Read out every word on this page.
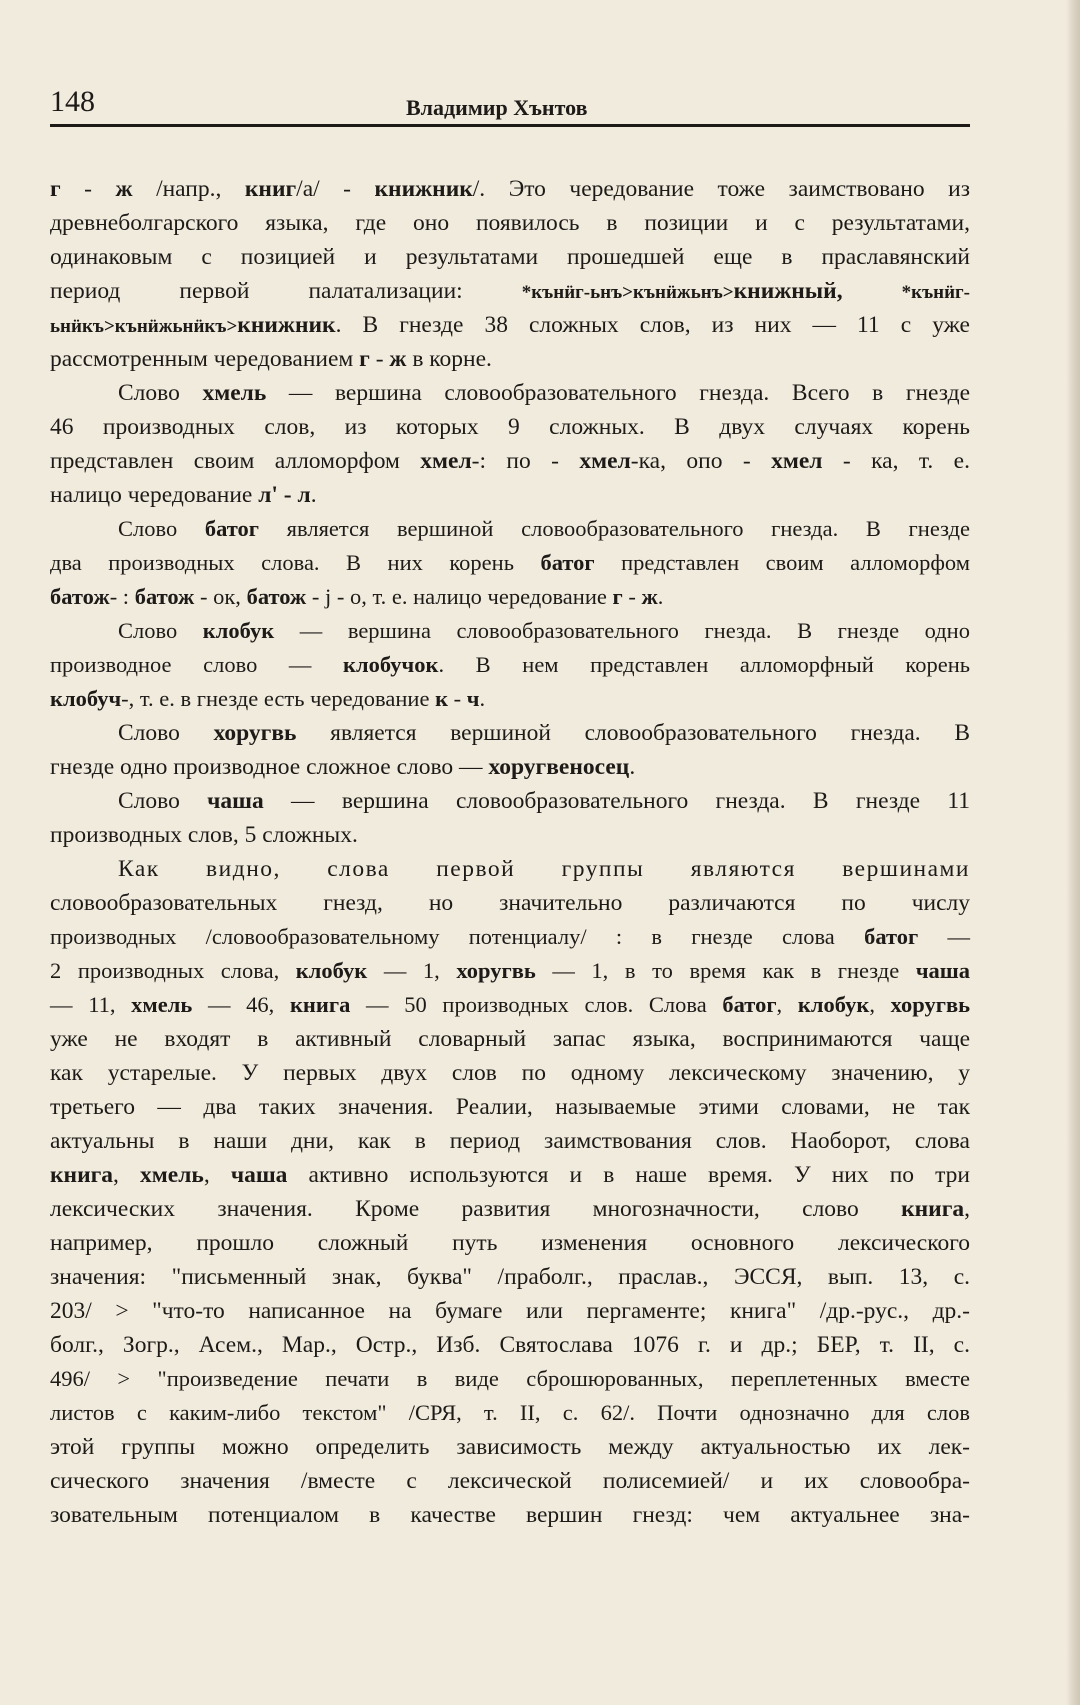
148	Владимир Хънтов
г - ж /напр., книг/а/ - книжник/. Это чередование тоже заимствовано из
древнеболгарского языка, где оно появилось в позиции и с результатами,
одинаковым с позицией и результатами прошедшей еще в праславянский
период первой палатализации: *кънӥг-ьнъ>кънӥжьнъ>книжный, *кънӥг-
ьнӥкъ>кънӥжьнӥкъ>книжник. В гнезде 38 сложных слов, из них — 11 с уже
рассмотренным чередованием г - ж в корне.
Слово хмель — вершина словообразовательного гнезда. Всего в гнезде
46 производных слов, из которых 9 сложных. В двух случаях корень
представлен своим алломорфом хмел-: по - хмел-ка, опо - хмел - ка, т. е.
налицо чередование л' - л.
Слово батог является вершиной словообразовательного гнезда. В гнезде
два производных слова. В них корень батог представлен своим алломорфом
батож- : батож - ок, батож - j - о, т. е. налицо чередование г - ж.
Слово клобук — вершина словообразовательного гнезда. В гнезде одно
производное слово — клобучок. В нем представлен алломорфный корень
клобуч-, т. е. в гнезде есть чередование к - ч.
Слово хоругвь является вершиной словообразовательного гнезда. В
гнезде одно производное сложное слово — хоругвеносец.
Слово чаша — вершина словообразовательного гнезда. В гнезде 11
производных слов, 5 сложных.
Как видно, слова первой группы являются вершинами
словообразовательных гнезд, но значительно различаются по числу
производных /словообразовательному потенциалу/ : в гнезде слова батог —
2 производных слова, клобук — 1, хоругвь — 1, в то время как в гнезде чаша
— 11, хмель — 46, книга — 50 производных слов. Слова батог, клобук, хоругвь
уже не входят в активный словарный запас языка, воспринимаются чаще
как устарелые. У первых двух слов по одному лексическому значению, у
третьего — два таких значения. Реалии, называемые этими словами, не так
актуальны в наши дни, как в период заимствования слов. Наоборот, слова
книга, хмель, чаша активно используются и в наше время. У них по три
лексических значения. Кроме развития многозначности, слово книга,
например, прошло сложный путь изменения основного лексического
значения: "письменный знак, буква" /праболг., праслав., ЭССЯ, вып. 13, с.
203/ > "что-то написанное на бумаге или пергаменте; книга" /др.-рус., др.-
болг., Зогр., Асем., Мар., Остр., Изб. Святослава 1076 г. и др.; БЕР, т. II, с.
496/ > "произведение печати в виде сброшюрованных, переплетенных вместе
листов с каким-либо текстом" /СРЯ, т. II, с. 62/. Почти однозначно для слов
этой группы можно определить зависимость между актуальностью их лек-
сического значения /вместе с лексической полисемией/ и их словообра-
зовательным потенциалом в качестве вершин гнезд: чем актуальнее зна-
